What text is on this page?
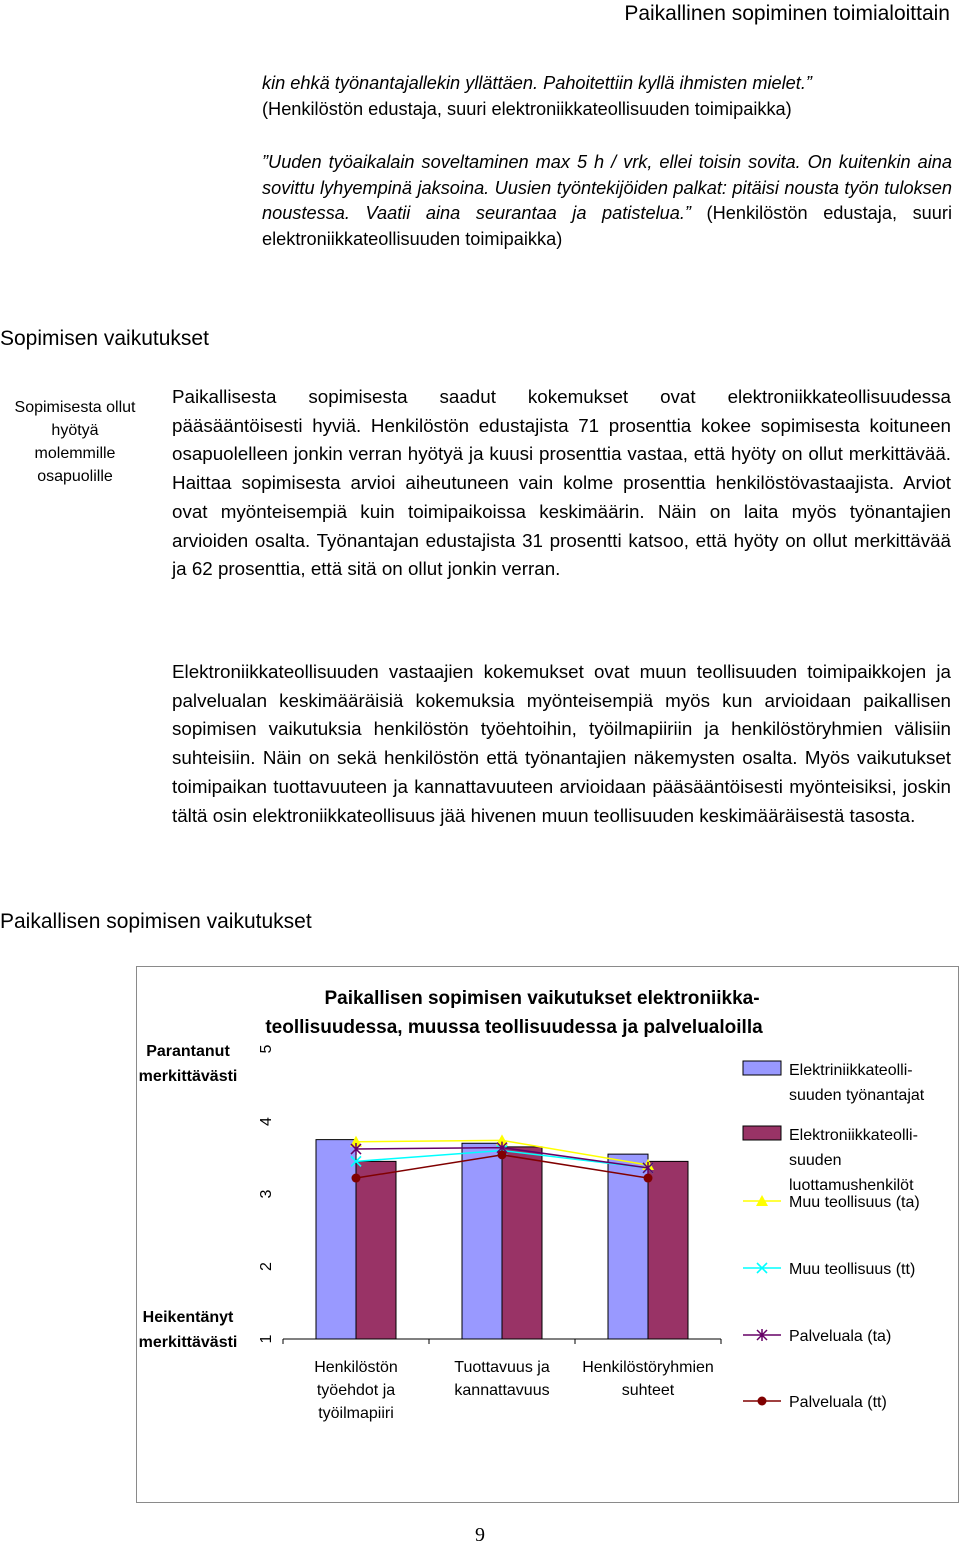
Paikallinen sopiminen toimialoittain
kin ehkä työnantajallekin yllättäen. Pahoitettiin kyllä ihmisten mielet.”
(Henkilöstön edustaja, suuri elektroniikkateollisuuden toimipaikka)
”Uuden työaikalain soveltaminen max 5 h / vrk, ellei toisin sovita. On kuitenkin aina sovittu lyhyempinä jaksoina. Uusien työntekijöiden palkat: pitäisi nousta työn tuloksen noustessa. Vaatii aina seurantaa ja patistelua.” (Henkilöstön edustaja, suuri elektroniikkateollisuuden toimipaikka)
Sopimisen vaikutukset
Sopimisesta ollut hyötyä molemmille osapuolille

Paikallisesta sopimisesta saadut kokemukset ovat elektroniikkateollisuudessa pääsääntöisesti hyviä. Henkilöstön edustajista 71 prosenttia kokee sopimisesta koituneen osapuolelleen jonkin verran hyötyä ja kuusi prosenttia vastaa, että hyöty on ollut merkittävää. Haittaa sopimisesta arvioi aiheutuneen vain kolme prosenttia henkilöstövastaajista. Arviot ovat myönteisempiä kuin toimipaikoissa keskimäärin. Näin on laita myös työnantajien arvioiden osalta. Työnantajan edustajista 31 prosentti katsoo, että hyöty on ollut merkittävää ja 62 prosenttia, että sitä on ollut jonkin verran.

Elektroniikkateollisuuden vastaajien kokemukset ovat muun teollisuuden toimipaikkojen ja palvelualan keskimääräisiä kokemuksia myönteisempiä myös kun arvioidaan paikallisen sopimisen vaikutuksia henkilöstön työehtoihin, työilmapiiriin ja henkilöstöryhmien välisiin suhteisiin. Näin on sekä henkilöstön että työnantajien näkemysten osalta. Myös vaikutukset toimipaikan tuottavuuteen ja kannattavuuteen arvioidaan pääsääntöisesti myönteisiksi, joskin tältä osin elektroniikkateollisuus jää hivenen muun teollisuuden keskimääräisestä tasosta.

Paikallisen sopimisen vaikutukset
Paikallisen sopimisen vaikutukset elektroniikka-
teollisuudessa, muussa teollisuudessa ja palvelualoilla
Parantanut
merkittävästi
Heikentänyt
merkittävästi 1
2
3
4
5
Henkilöstön
työehdot ja
työilmapiiri
Tuottavuus ja
kannattavuus
Henkilöstöryhmien
suhteet
Elektriniikkateolli-
suuden työnantajat
Elektroniikkateolli-
suuden
luottamushenkilöt
Muu teollisuus (ta)
Muu teollisuus (tt)
Palveluala (ta)
Palveluala (tt)
9
